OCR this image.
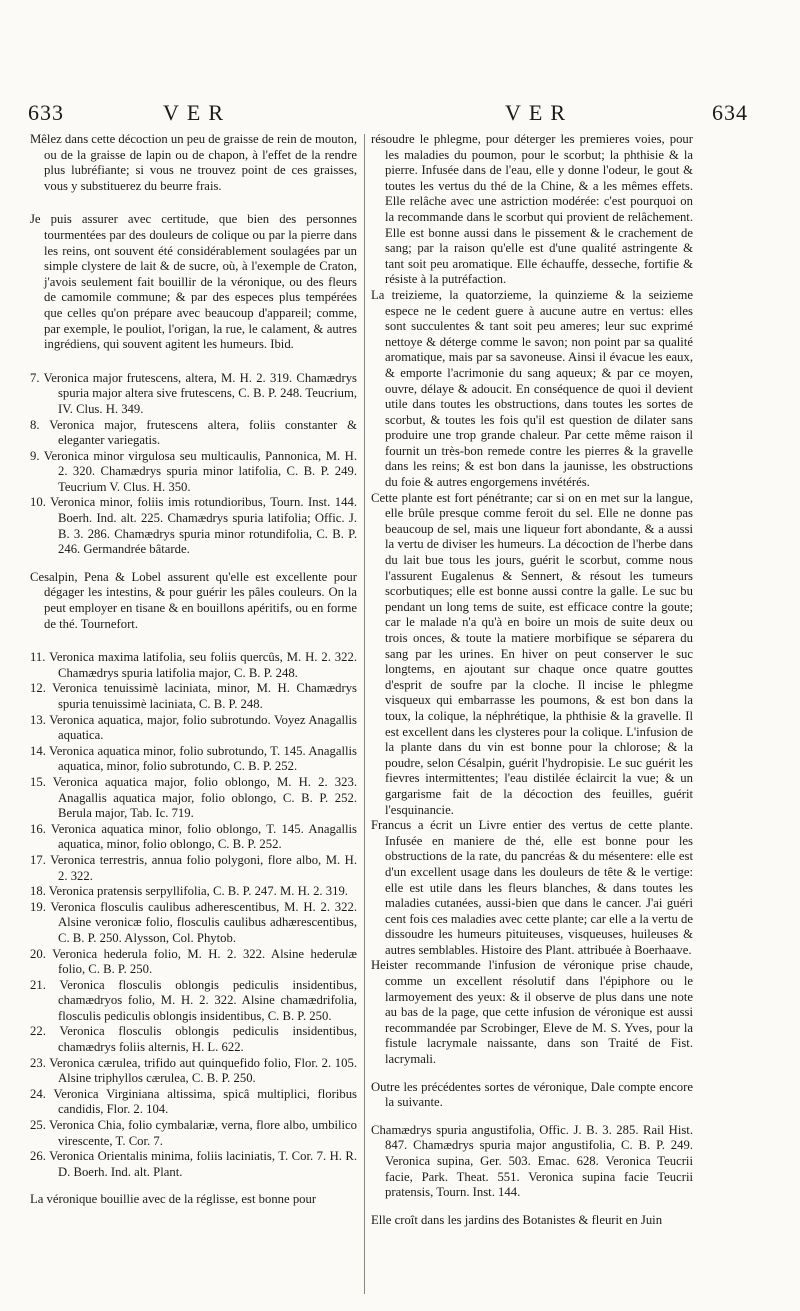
633	VER	VER	634

Mêlez dans cette décoction un peu de graisse de rein de mouton, ou de la graisse de lapin ou de chapon, à l'effet de la rendre plus lubréfiante; si vous ne trouvez point de ces graisses, vous y substituerez du beurre frais.

Je puis assurer avec certitude, que bien des personnes tourmentées par des douleurs de colique ou par la pierre dans les reins, ont souvent été considérablement soulagées par un simple clystere de lait & de sucre, où, à l'exemple de Craton, j'avois seulement fait bouillir de la véronique, ou des fleurs de camomile commune; & par des especes plus tempérées que celles qu'on prépare avec beaucoup d'appareil; comme, par exemple, le pouliot, l'origan, la rue, le calament, & autres ingrédiens, qui souvent agitent les humeurs. Ibid.

7. Veronica major frutescens, altera, M. H. 2. 319. Chamædrys spuria major altera sive frutescens, C. B. P. 248. Teucrium, IV. Clus. H. 349.

8. Veronica major, frutescens altera, foliis constanter & eleganter variegatis.

9. Veronica minor virgulosa seu multicaulis, Pannonica, M. H. 2. 320. Chamædrys spuria minor latifolia, C. B. P. 249. Teucrium V. Clus. H. 350.

10. Veronica minor, foliis imis rotundioribus, Tourn. Inst. 144. Boerh. Ind. alt. 225. Chamædrys spuria latifolia; Offic. J. B. 3. 286. Chamædrys spuria minor rotundifolia, C. B. P. 246. Germandrée bâtarde.

Cesalpin, Pena & Lobel assurent qu'elle est excellente pour dégager les intestins, & pour guérir les pâles couleurs. On la peut employer en tisane & en bouillons apéritifs, ou en forme de thé. Tournefort.

11. Veronica maxima latifolia, seu foliis quercûs, M. H. 2. 322. Chamædrys spuria latifolia major, C. B. P. 248.

12. Veronica tenuissimè laciniata, minor, M. H. Chamædrys spuria tenuissimè laciniata, C. B. P. 248.

13. Veronica aquatica, major, folio subrotundo. Voyez Anagallis aquatica.

14. Veronica aquatica minor, folio subrotundo, T. 145. Anagallis aquatica, minor, folio subrotundo, C. B. P. 252.

15. Veronica aquatica major, folio oblongo, M. H. 2. 323. Anagallis aquatica major, folio oblongo, C. B. P. 252. Berula major, Tab. Ic. 719.

16. Veronica aquatica minor, folio oblongo, T. 145. Anagallis aquatica, minor, folio oblongo, C. B. P. 252.

17. Veronica terrestris, annua folio polygoni, flore albo, M. H. 2. 322.

18. Veronica pratensis serpyllifolia, C. B. P. 247. M. H. 2. 319.

19. Veronica flosculis caulibus adherescentibus, M. H. 2. 322. Alsine veronicæ folio, flosculis caulibus adhærescentibus, C. B. P. 250. Alysson, Col. Phytob.

20. Veronica hederula folio, M. H. 2. 322. Alsine hederulæ folio, C. B. P. 250.

21. Veronica flosculis oblongis pediculis insidentibus, chamædryos folio, M. H. 2. 322. Alsine chamædrifolia, flosculis pediculis oblongis insidentibus, C. B. P. 250.

22. Veronica flosculis oblongis pediculis insidentibus, chamædrys foliis alternis, H. L. 622.

23. Veronica cærulea, trifido aut quinquefido folio, Flor. 2. 105. Alsine triphyllos cærulea, C. B. P. 250.

24. Veronica Virginiana altissima, spicâ multiplici, floribus candidis, Flor. 2. 104.

25. Veronica Chia, folio cymbalariæ, verna, flore albo, umbilico virescente, T. Cor. 7.

26. Veronica Orientalis minima, foliis laciniatis, T. Cor. 7. H. R. D. Boerh. Ind. alt. Plant.

La véronique bouillie avec de la réglisse, est bonne pour

résoudre le phlegme, pour déterger les premieres voies, pour les maladies du poumon, pour le scorbut; la phthisie & la pierre. Infusée dans de l'eau, elle y donne l'odeur, le gout & toutes les vertus du thé de la Chine, & a les mêmes effets. Elle relâche avec une astriction modérée: c'est pourquoi on la recommande dans le scorbut qui provient de relâchement. Elle est bonne aussi dans le pissement & le crachement de sang; par la raison qu'elle est d'une qualité astringente & tant soit peu aromatique. Elle échauffe, desseche, fortifie & résiste à la putréfaction.

La treizieme, la quatorzieme, la quinzieme & la seizieme espece ne le cedent guere à aucune autre en vertus: elles sont succulentes & tant soit peu ameres; leur suc exprimé nettoye & déterge comme le savon; non point par sa qualité aromatique, mais par sa savoneuse. Ainsi il évacue les eaux, & emporte l'acrimonie du sang aqueux; & par ce moyen, ouvre, délaye & adoucit. En conséquence de quoi il devient utile dans toutes les obstructions, dans toutes les sortes de scorbut, & toutes les fois qu'il est question de dilater sans produire une trop grande chaleur. Par cette même raison il fournit un très-bon remede contre les pierres & la gravelle dans les reins; & est bon dans la jaunisse, les obstructions du foie & autres engorgemens invétérés.

Cette plante est fort pénétrante; car si on en met sur la langue, elle brûle presque comme feroit du sel. Elle ne donne pas beaucoup de sel, mais une liqueur fort abondante, & a aussi la vertu de diviser les humeurs. La décoction de l'herbe dans du lait bue tous les jours, guérit le scorbut, comme nous l'assurent Eugalenus & Sennert, & résout les tumeurs scorbutiques; elle est bonne aussi contre la galle. Le suc bu pendant un long tems de suite, est efficace contre la goute; car le malade n'a qu'à en boire un mois de suite deux ou trois onces, & toute la matiere morbifique se séparera du sang par les urines. En hiver on peut conserver le suc longtems, en ajoutant sur chaque once quatre gouttes d'esprit de soufre par la cloche. Il incise le phlegme visqueux qui embarrasse les poumons, & est bon dans la toux, la colique, la néphrétique, la phthisie & la gravelle. Il est excellent dans les clysteres pour la colique. L'infusion de la plante dans du vin est bonne pour la chlorose; & la poudre, selon Césalpin, guérit l'hydropisie. Le suc guérit les fievres intermittentes; l'eau distilée éclaircit la vue; & un gargarisme fait de la décoction des feuilles, guérit l'esquinancie.

Francus a écrit un Livre entier des vertus de cette plante. Infusée en maniere de thé, elle est bonne pour les obstructions de la rate, du pancréas & du mésentere: elle est d'un excellent usage dans les douleurs de tête & le vertige: elle est utile dans les fleurs blanches, & dans toutes les maladies cutanées, aussi-bien que dans le cancer. J'ai guéri cent fois ces maladies avec cette plante; car elle a la vertu de dissoudre les humeurs pituiteuses, visqueuses, huileuses & autres semblables. Histoire des Plant. attribuée à Boerhaave.

Heister recommande l'infusion de véronique prise chaude, comme un excellent résolutif dans l'épiphore ou le larmoyement des yeux: & il observe de plus dans une note au bas de la page, que cette infusion de véronique est aussi recommandée par Scrobinger, Eleve de M. S. Yves, pour la fistule lacrymale naissante, dans son Traité de Fist. lacrymali.

Outre les précédentes sortes de véronique, Dale compte encore la suivante.

Chamædrys spuria angustifolia, Offic. J. B. 3. 285. Rail Hist. 847. Chamædrys spuria major angustifolia, C. B. P. 249. Veronica supina, Ger. 503. Emac. 628. Veronica Teucrii facie, Park. Theat. 551. Veronica supina facie Teucrii pratensis, Tourn. Inst. 144.

Elle croît dans les jardins des Botanistes & fleurit en Juin
